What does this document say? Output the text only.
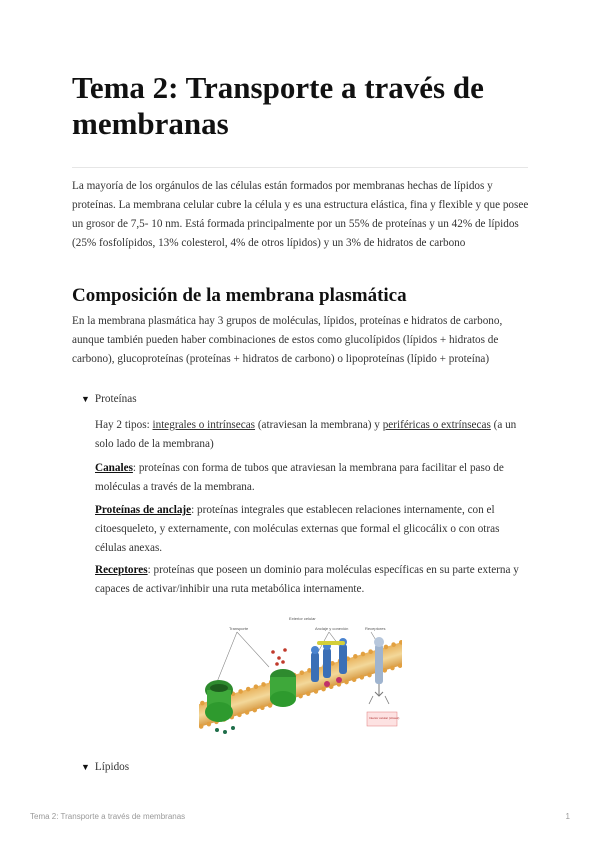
Tema 2: Transporte a través de membranas

La mayoría de los orgánulos de las células están formados por membranas hechas de lípidos y proteínas. La membrana celular cubre la célula y es una estructura elástica, fina y flexible y que posee un grosor de 7,5- 10 nm. Está formada principalmente por un 55% de proteínas y un 42% de lípidos (25% fosfolípidos, 13% colesterol, 4% de otros lípidos) y un 3% de hidratos de carbono

Composición de la membrana plasmática

En la membrana plasmática hay 3 grupos de moléculas, lípidos, proteínas e hidratos de carbono, aunque también pueden haber combinaciones de estos como glucolípidos (lípidos + hidratos de carbono), glucoproteínas (proteínas + hidratos de carbono) o lipoproteínas (lípido + proteína)

▼ Proteínas

Hay 2 tipos: integrales o intrínsecas (atraviesan la membrana) y periféricas o extrínsecas (a un solo lado de la membrana)

Canales: proteínas con forma de tubos que atraviesan la membrana para facilitar el paso de moléculas a través de la membrana.

Proteínas de anclaje: proteínas integrales que establecen relaciones internamente, con el citoesqueleto, y externamente, con moléculas externas que formal el glicocálix o con otras células anexas.

Receptores: proteínas que poseen un dominio para moléculas específicas en su parte externa y capaces de activar/inhibir una ruta metabólica internamente.

▼ Lípidos
Exterior celular
Transporte	Anclaje y conexión	Receptores
Interior celular (citosol)
Tema 2: Transporte a través de membranas	1
